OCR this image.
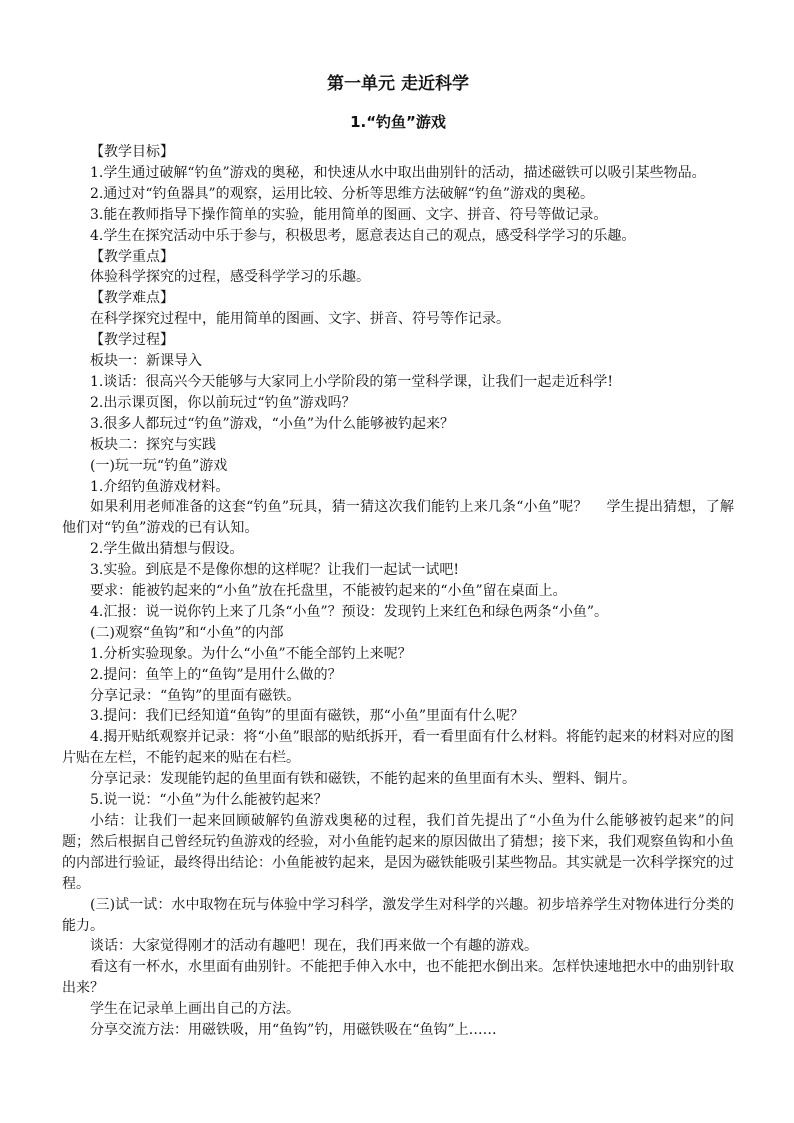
第一单元 走近科学
1.“钓鱼”游戏

【教学目标】

1.学生通过破解“钓鱼”游戏的奥秘，和快速从水中取出曲别针的活动，描述磁铁可以吸引某些物品。

2.通过对“钓鱼器具”的观察，运用比较、分析等思维方法破解“钓鱼”游戏的奥秘。

3.能在教师指导下操作简单的实验，能用简单的图画、文字、拼音、符号等做记录。

4.学生在探究活动中乐于参与，积极思考，愿意表达自己的观点，感受科学学习的乐趣。

【教学重点】

体验科学探究的过程，感受科学学习的乐趣。

【教学难点】

在科学探究过程中，能用简单的图画、文字、拼音、符号等作记录。

【教学过程】

板块一：新课导入

1.谈话：很高兴今天能够与大家同上小学阶段的第一堂科学课，让我们一起走近科学!

2.出示课页图，你以前玩过“钓鱼”游戏吗？

3.很多人都玩过“钓鱼”游戏，“小鱼”为什么能够被钓起来？

板块二：探究与实践

(一)玩一玩“钓鱼”游戏

1.介绍钓鱼游戏材料。

如果利用老师准备的这套“钓鱼”玩具，猜一猜这次我们能钓上来几条“小鱼”呢？　 学生提出猜想，了解他们对“钓鱼”游戏的已有认知。

2.学生做出猜想与假设。

3.实验。到底是不是像你想的这样呢？让我们一起试一试吧!

要求：能被钓起来的“小鱼”放在托盘里，不能被钓起来的“小鱼”留在桌面上。

4.汇报：说一说你钓上来了几条“小鱼”？预设：发现钓上来红色和绿色两条“小鱼”。

(二)观察“鱼钩”和“小鱼”的内部

1.分析实验现象。为什么“小鱼”不能全部钓上来呢？

2.提问：鱼竿上的“鱼钩”是用什么做的？

分享记录：“鱼钩”的里面有磁铁。

3.提问：我们已经知道“鱼钩”的里面有磁铁，那“小鱼”里面有什么呢？

4.揭开贴纸观察并记录：将“小鱼”眼部的贴纸拆开，看一看里面有什么材料。将能钓起来的材料对应的图片贴在左栏，不能钓起来的贴在右栏。

分享记录：发现能钓起的鱼里面有铁和磁铁，不能钓起来的鱼里面有木头、塑料、铜片。

5.说一说：“小鱼”为什么能被钓起来？

小结：让我们一起来回顾破解钓鱼游戏奥秘的过程，我们首先提出了“小鱼为什么能够被钓起来”的问题；然后根据自己曾经玩钓鱼游戏的经验，对小鱼能钓起来的原因做出了猜想；接下来，我们观察鱼钩和小鱼的内部进行验证，最终得出结论：小鱼能被钓起来，是因为磁铁能吸引某些物品。其实就是一次科学探究的过程。

(三)试一试：水中取物在玩与体验中学习科学，激发学生对科学的兴趣。初步培养学生对物体进行分类的能力。

谈话：大家觉得刚才的活动有趣吧！现在，我们再来做一个有趣的游戏。

看这有一杯水，水里面有曲别针。不能把手伸入水中，也不能把水倒出来。怎样快速地把水中的曲别针取出来？

学生在记录单上画出自己的方法。

分享交流方法：用磁铁吸，用“鱼钩”钓，用磁铁吸在“鱼钩”上……
